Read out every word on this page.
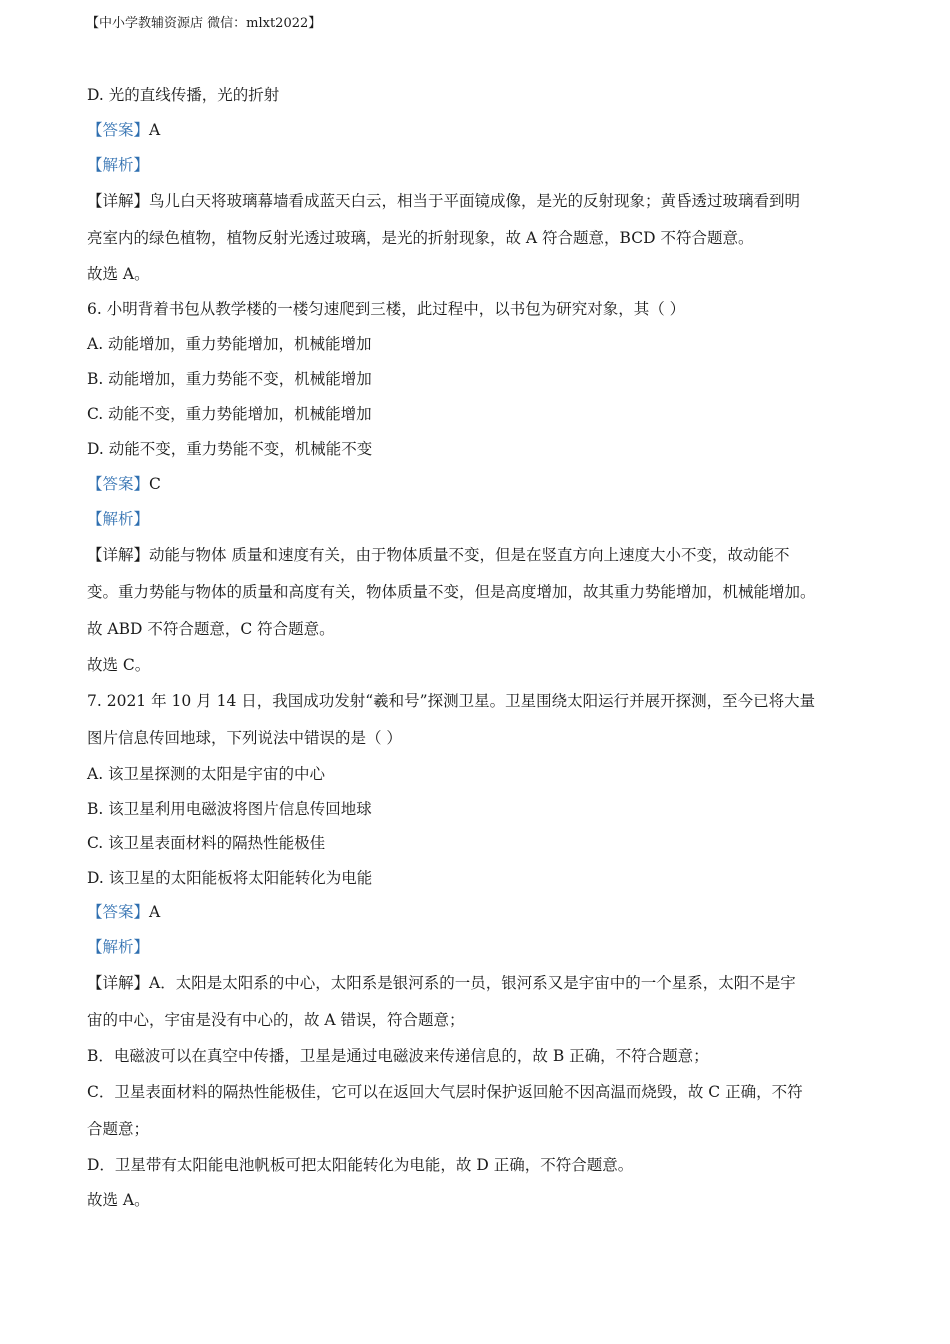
【中小学教辅资源店 微信：mlxt2022】
D. 光的直线传播，光的折射
【答案】A
【解析】
【详解】鸟儿白天将玻璃幕墙看成蓝天白云，相当于平面镜成像，是光的反射现象；黄昏透过玻璃看到明
亮室内的绿色植物，植物反射光透过玻璃，是光的折射现象，故 A 符合题意，BCD 不符合题意。
故选 A。
6. 小明背着书包从教学楼的一楼匀速爬到三楼，此过程中，以书包为研究对象，其（ ）
A. 动能增加，重力势能增加，机械能增加
B. 动能增加，重力势能不变，机械能增加
C. 动能不变，重力势能增加，机械能增加
D. 动能不变，重力势能不变，机械能不变
【答案】C
【解析】
【详解】动能与物体 质量和速度有关，由于物体质量不变，但是在竖直方向上速度大小不变，故动能不
变。重力势能与物体的质量和高度有关，物体质量不变，但是高度增加，故其重力势能增加，机械能增加。
故 ABD 不符合题意，C 符合题意。
故选 C。
7. 2021 年 10 月 14 日，我国成功发射“羲和号”探测卫星。卫星围绕太阳运行并展开探测，至今已将大量
图片信息传回地球，下列说法中错误的是（ ）
A. 该卫星探测的太阳是宇宙的中心
B. 该卫星利用电磁波将图片信息传回地球
C. 该卫星表面材料的隔热性能极佳
D. 该卫星的太阳能板将太阳能转化为电能
【答案】A
【解析】
【详解】A．太阳是太阳系的中心，太阳系是银河系的一员，银河系又是宇宙中的一个星系，太阳不是宇
宙的中心，宇宙是没有中心的，故 A 错误，符合题意；
B．电磁波可以在真空中传播，卫星是通过电磁波来传递信息的，故 B 正确，不符合题意；
C．卫星表面材料的隔热性能极佳，它可以在返回大气层时保护返回舱不因高温而烧毁，故 C 正确，不符
合题意；
D．卫星带有太阳能电池帆板可把太阳能转化为电能，故 D 正确，不符合题意。
故选 A。
